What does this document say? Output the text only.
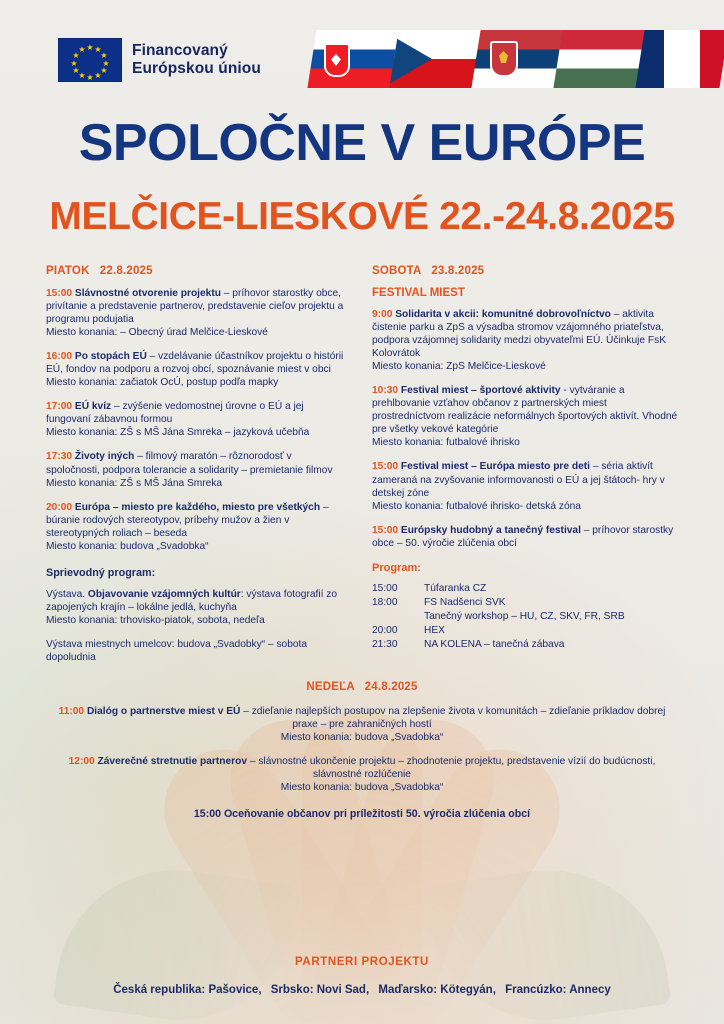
★ ★
★
★
★
★
★
★
★
★
★
★	Financovaný
Európskou úniou
SPOLOČNE V EURÓPE
MELČICE-LIESKOVÉ 22.-24.8.2025
PIATOK 22.8.2025
15:00 Slávnostné otvorenie projektu – príhovor starostky obce, privítanie a predstavenie partnerov, predstavenie cieľov projektu a programu podujatia
Miesto konania: – Obecný úrad Melčice-Lieskové
16:00 Po stopách EÚ – vzdelávanie účastníkov projektu o histórii EÚ, fondov na podporu a rozvoj obcí, spoznávanie miest v obci
Miesto konania: začiatok OcÚ, postup podľa mapky
17:00 EÚ kvíz – zvýšenie vedomostnej úrovne o EÚ a jej fungovaní zábavnou formou
Miesto konania: ZŠ s MŠ Jána Smreka – jazyková učebňa
17:30 Životy iných – filmový maratón – rôznorodosť v spoločnosti, podpora tolerancie a solidarity – premietanie filmov
Miesto konania: ZŠ s MŠ Jána Smreka
20:00 Európa – miesto pre každého, miesto pre všetkých – búranie rodových stereotypov, príbehy mužov a žien v stereotypných roliach – beseda
Miesto konania: budova „Svadobka“
Sprievodný program:
Výstava. Objavovanie vzájomných kultúr: výstava fotografií zo zapojených krajín – lokálne jedlá, kuchyňa
Miesto konania: trhovisko-piatok, sobota, nedeľa
Výstava miestnych umelcov: budova „Svadobky“ – sobota dopoludnia
SOBOTA 23.8.2025
FESTIVAL MIEST
9:00 Solidarita v akcii: komunitné dobrovoľníctvo – aktivita čistenie parku a ZpS a výsadba stromov vzájomného priateľstva, podpora vzájomnej solidarity medzi obyvateľmi EÚ. Účinkuje FsK Kolovrátok
Miesto konania: ZpS Melčice-Lieskové
10:30 Festival miest – športové aktivity - vytváranie a prehlbovanie vzťahov občanov z partnerských miest prostredníctvom realizácie neformálnych športových aktivít. Vhodné pre všetky vekové kategórie
Miesto konania: futbalové ihrisko
15:00 Festival miest – Európa miesto pre deti – séria aktivít zameraná na zvyšovanie informovanosti o EÚ a jej štátoch- hry v detskej zóne
Miesto konania: futbalové ihrisko- detská zóna
15:00 Európsky hudobný a tanečný festival – príhovor starostky obce – 50. výročie zlúčenia obcí
Program:
15:00	Túfaranka CZ
18:00	FS Nadšenci SVK
Tanečný workshop – HU, CZ, SKV, FR, SRB
20:00	HEX
21:30	NA KOLENA – tanečná zábava
NEDEĽA 24.8.2025
11:00 Dialóg o partnerstve miest v EÚ – zdieľanie najlepších postupov na zlepšenie života v komunitách – zdieľanie príkladov dobrej praxe – pre zahraničných hostí
Miesto konania: budova „Svadobka“
12:00 Záverečné stretnutie partnerov – slávnostné ukončenie projektu – zhodnotenie projektu, predstavenie vízií do budúcnosti, slávnostné rozlúčenie
Miesto konania: budova „Svadobka“
15:00 Oceňovanie občanov pri príležitosti 50. výročia zlúčenia obcí
PARTNERI PROJEKTU
Česká republika: Pašovice, Srbsko: Novi Sad, Maďarsko: Kötegyán, Francúzko: Annecy
